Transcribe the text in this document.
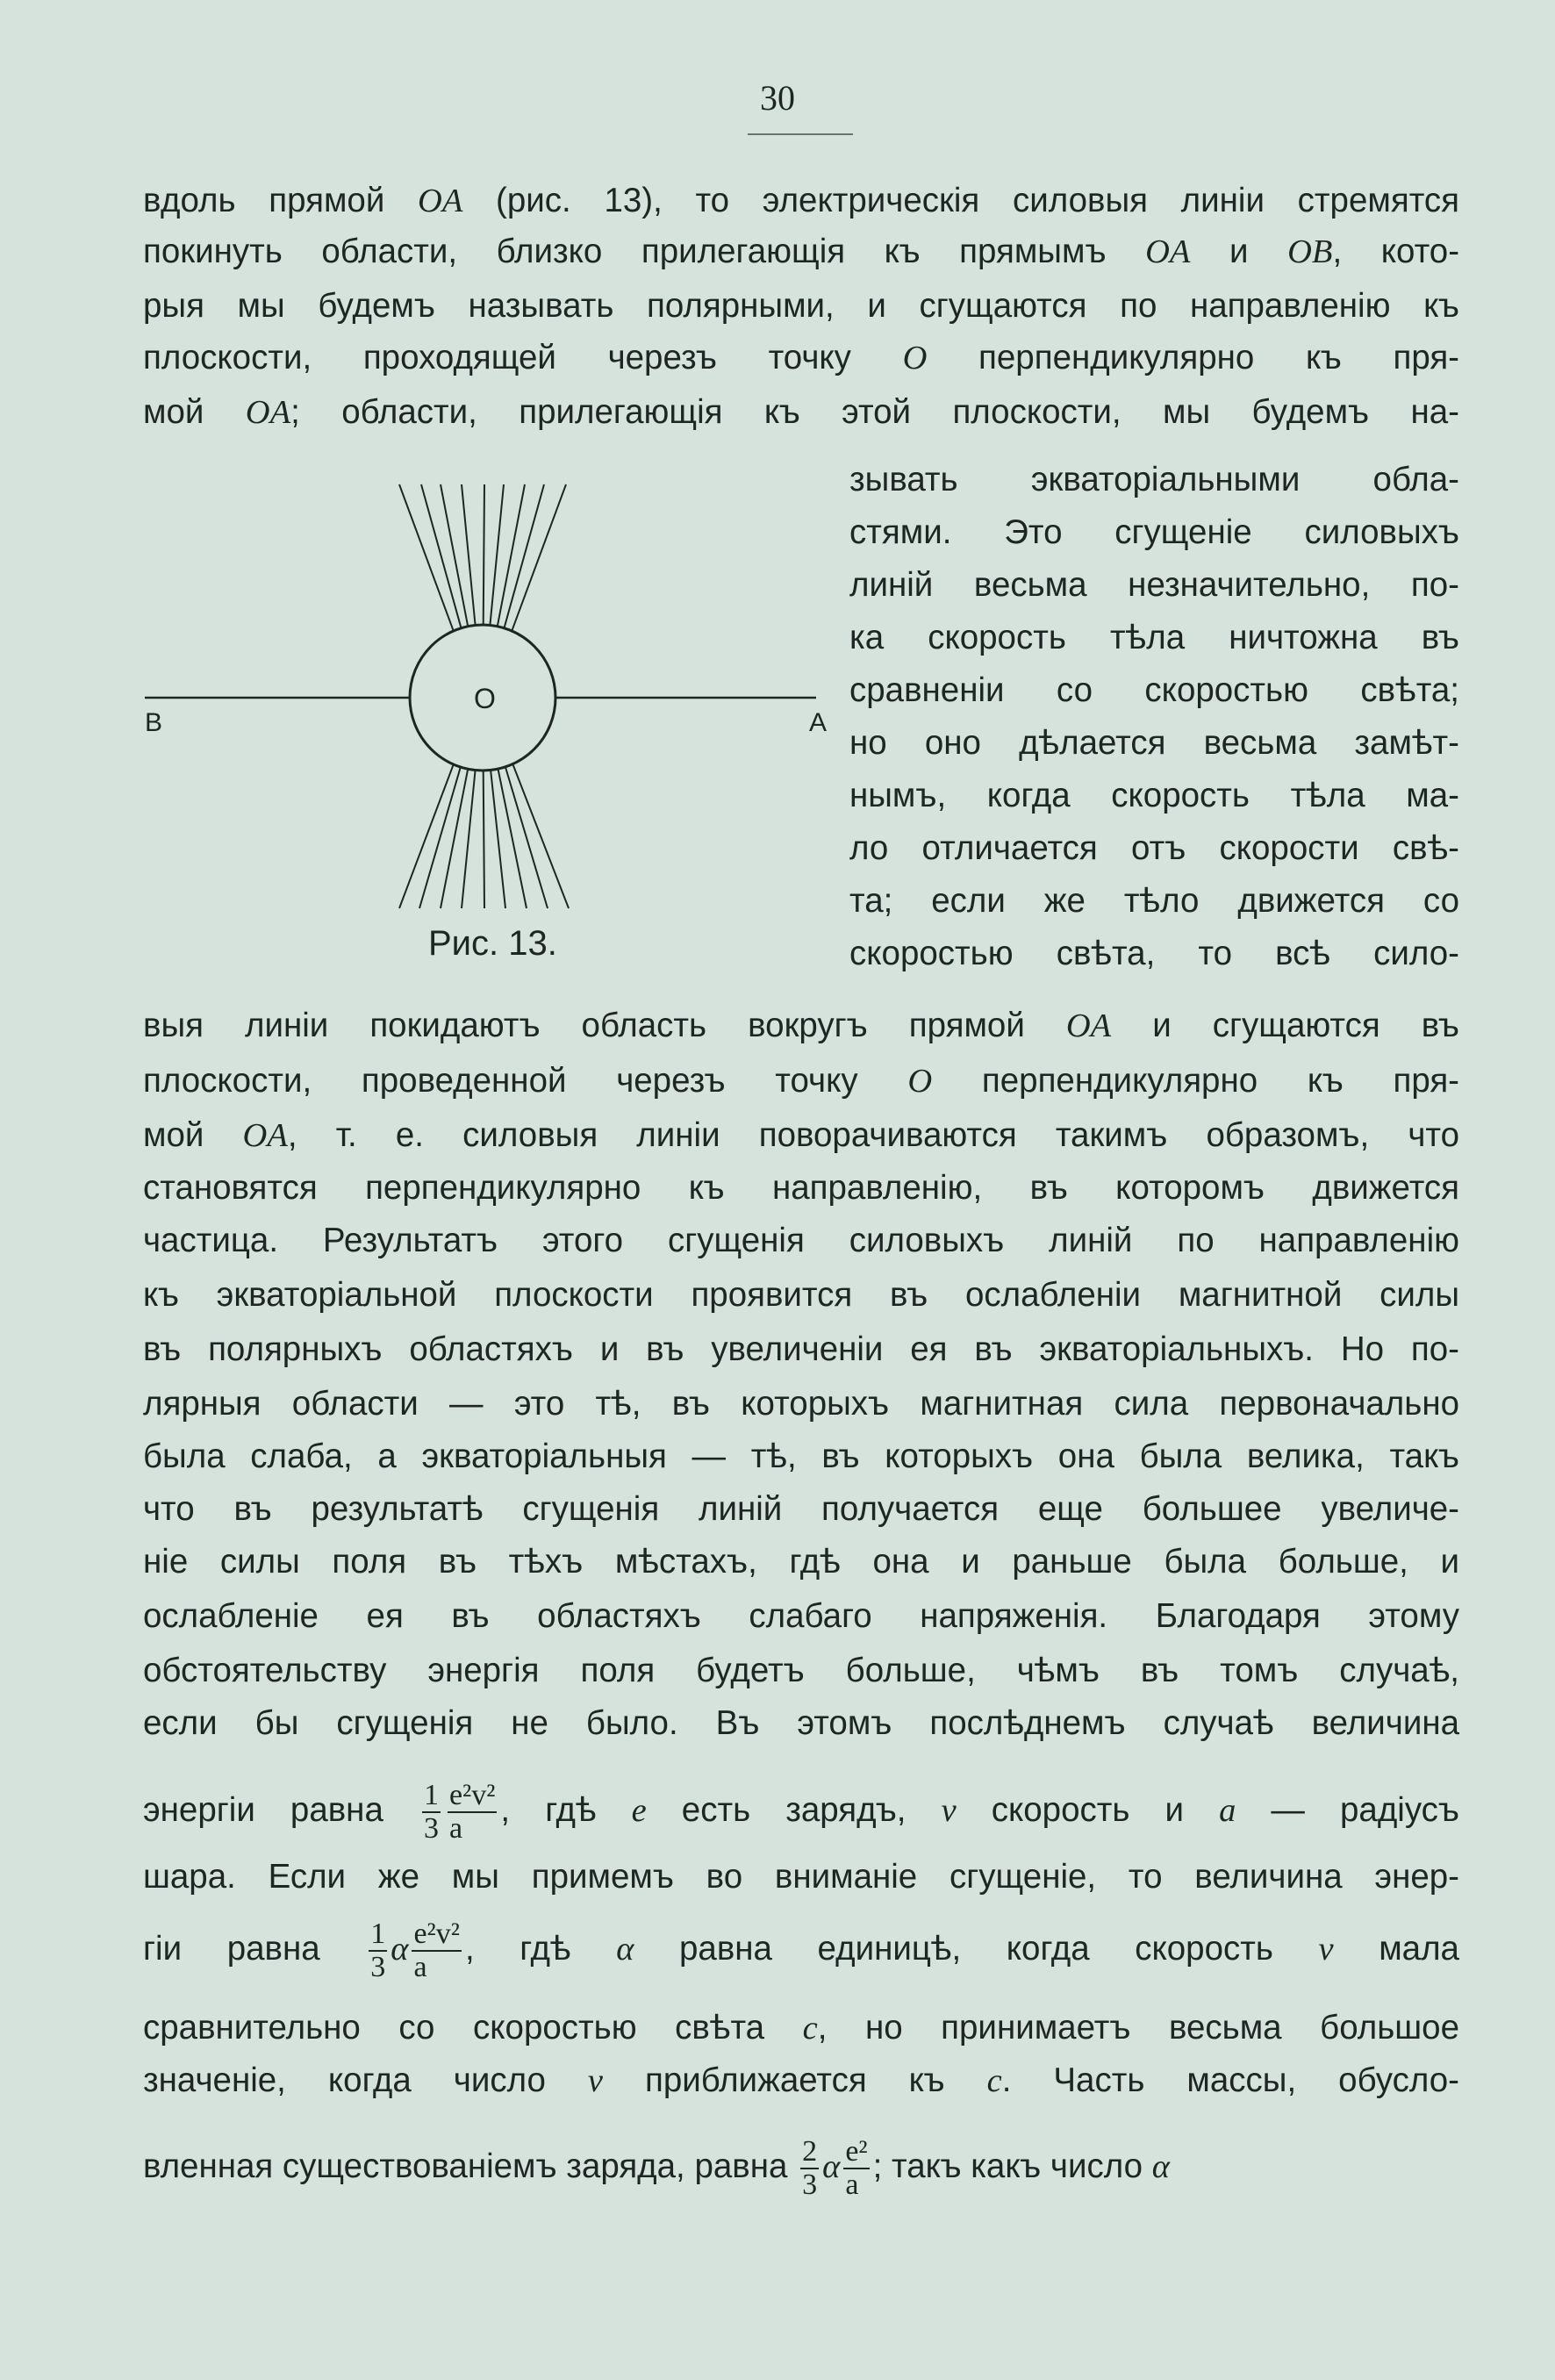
30
B	A
O
Рис. 13.
вдоль прямой OA (рис. 13), то электрическія силовыя линіи стремятся
покинуть области, близко прилегающія къ прямымъ OA и OB, кото-
рыя мы будемъ называть полярными, и сгущаются по направленію къ
плоскости, проходящей черезъ точку O перпендикулярно къ пря-
мой OA; области, прилегающія къ этой плоскости, мы будемъ на-
зывать экваторіальными обла-
стями. Это сгущеніе силовыхъ
линій весьма незначительно, по-
ка скорость тѣла ничтожна въ
сравненіи со скоростью свѣта;
но оно дѣлается весьма замѣт-
нымъ, когда скорость тѣла ма-
ло отличается отъ скорости свѣ-
та; если же тѣло движется со
скоростью свѣта, то всѣ сило-
выя линіи покидаютъ область вокругъ прямой OA и сгущаются въ
плоскости, проведенной черезъ точку O перпендикулярно къ пря-
мой OA, т. е. силовыя линіи поворачиваются такимъ образомъ, что
становятся перпендикулярно къ направленію, въ которомъ движется
частица. Результатъ этого сгущенія силовыхъ линій по направленію
къ экваторіальной плоскости проявится въ ослабленіи магнитной силы
въ полярныхъ областяхъ и въ увеличеніи ея въ экваторіальныхъ. Но по-
лярныя области — это тѣ, въ которыхъ магнитная сила первоначально
была слаба, а экваторіальныя — тѣ, въ которыхъ она была велика, такъ
что въ результатѣ сгущенія линій получается еще большее увеличе-
ніе силы поля въ тѣхъ мѣстахъ, гдѣ она и раньше была больше, и
ослабленіе ея въ областяхъ слабаго напряженія. Благодаря этому
обстоятельству энергія поля будетъ больше, чѣмъ въ томъ случаѣ,
если бы сгущенія не было. Въ этомъ послѣднемъ случаѣ величина
энергіи равна $\frac{1}{3} \frac{\text{e²v²}}{a}$ , гдѣ e есть зарядъ, v скорость и a — радіусъ
шара. Если же мы примемъ во вниманіе сгущеніе, то величина энер-
гіи равна $\frac{1}{3}$ α $\frac{\text{e²v²}}{a}$ , гдѣ α равна единицѣ, когда скорость v мала
сравнительно со скоростью свѣта c, но принимаетъ весьма большое
значеніе, когда число v приближается къ c. Часть массы, обусло-
вленная существованіемъ заряда, равна $\frac{2}{3}$ α $\frac{\text{e²}}{a}$ ; такъ какъ число α
